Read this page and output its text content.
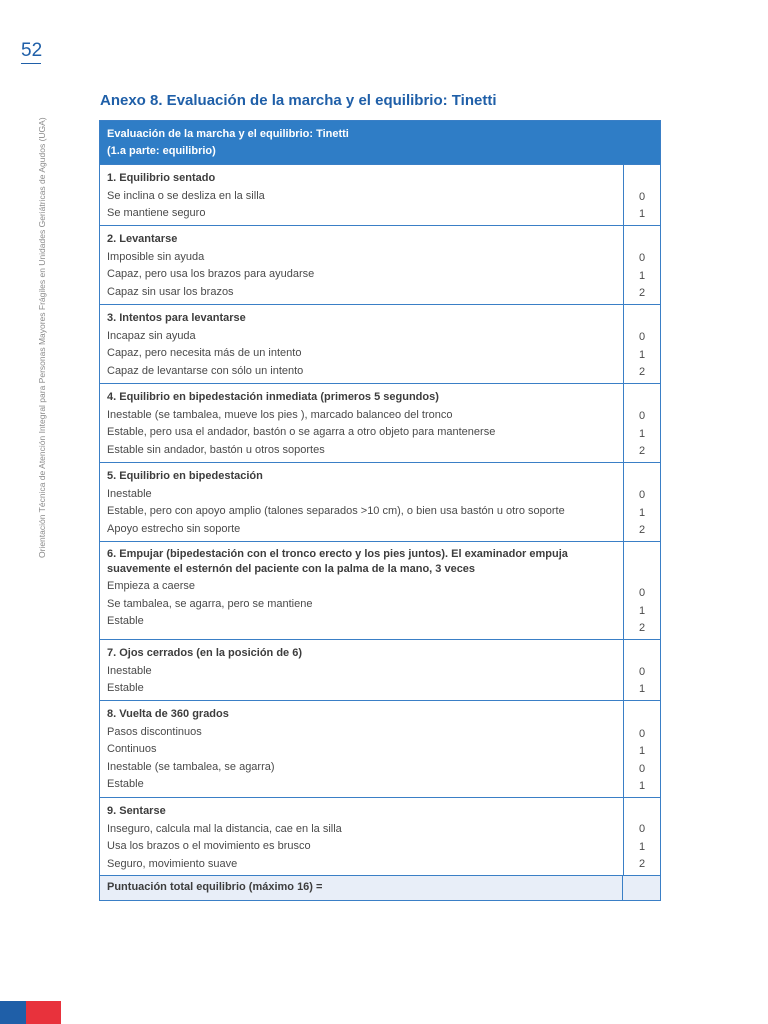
52
Orientación Técnica de Atención Integral para Personas Mayores Frágiles en Unidades Geriátricas de Agudos (UGA)
Anexo 8. Evaluación de la marcha y el equilibrio: Tinetti
Evaluación de la marcha y el equilibrio: Tinetti
(1.a parte: equilibrio)
1. Equilibrio sentado
Se inclina o se desliza en la silla
Se mantiene seguro
0
1
2. Levantarse
Imposible sin ayuda
Capaz, pero usa los brazos para ayudarse
Capaz sin usar los brazos
0
1
2
3. Intentos para levantarse
Incapaz sin ayuda
Capaz, pero necesita más de un intento
Capaz de levantarse con sólo un intento
0
1
2
4. Equilibrio en bipedestación inmediata (primeros 5 segundos)
Inestable (se tambalea, mueve los pies ), marcado balanceo del tronco
Estable, pero usa el andador, bastón o se agarra a otro objeto para mantenerse
Estable sin andador, bastón u otros soportes
0
1
2
5. Equilibrio en bipedestación
Inestable
Estable, pero con apoyo amplio (talones separados >10 cm), o bien usa bastón u otro soporte
Apoyo estrecho sin soporte
0
1
2
6. Empujar (bipedestación con el tronco erecto y los pies juntos). El examinador empuja
suavemente el esternón del paciente con la palma de la mano, 3 veces
Empieza a caerse
Se tambalea, se agarra, pero se mantiene
Estable
0
1
2
7. Ojos cerrados (en la posición de 6)
Inestable
Estable
0
1
8. Vuelta de 360 grados
Pasos discontinuos
Continuos
Inestable (se tambalea, se agarra)
Estable
0
1
0
1
9. Sentarse
Inseguro, calcula mal la distancia, cae en la silla
Usa los brazos o el movimiento es brusco
Seguro, movimiento suave
0
1
2
Puntuación total equilibrio (máximo 16) =
